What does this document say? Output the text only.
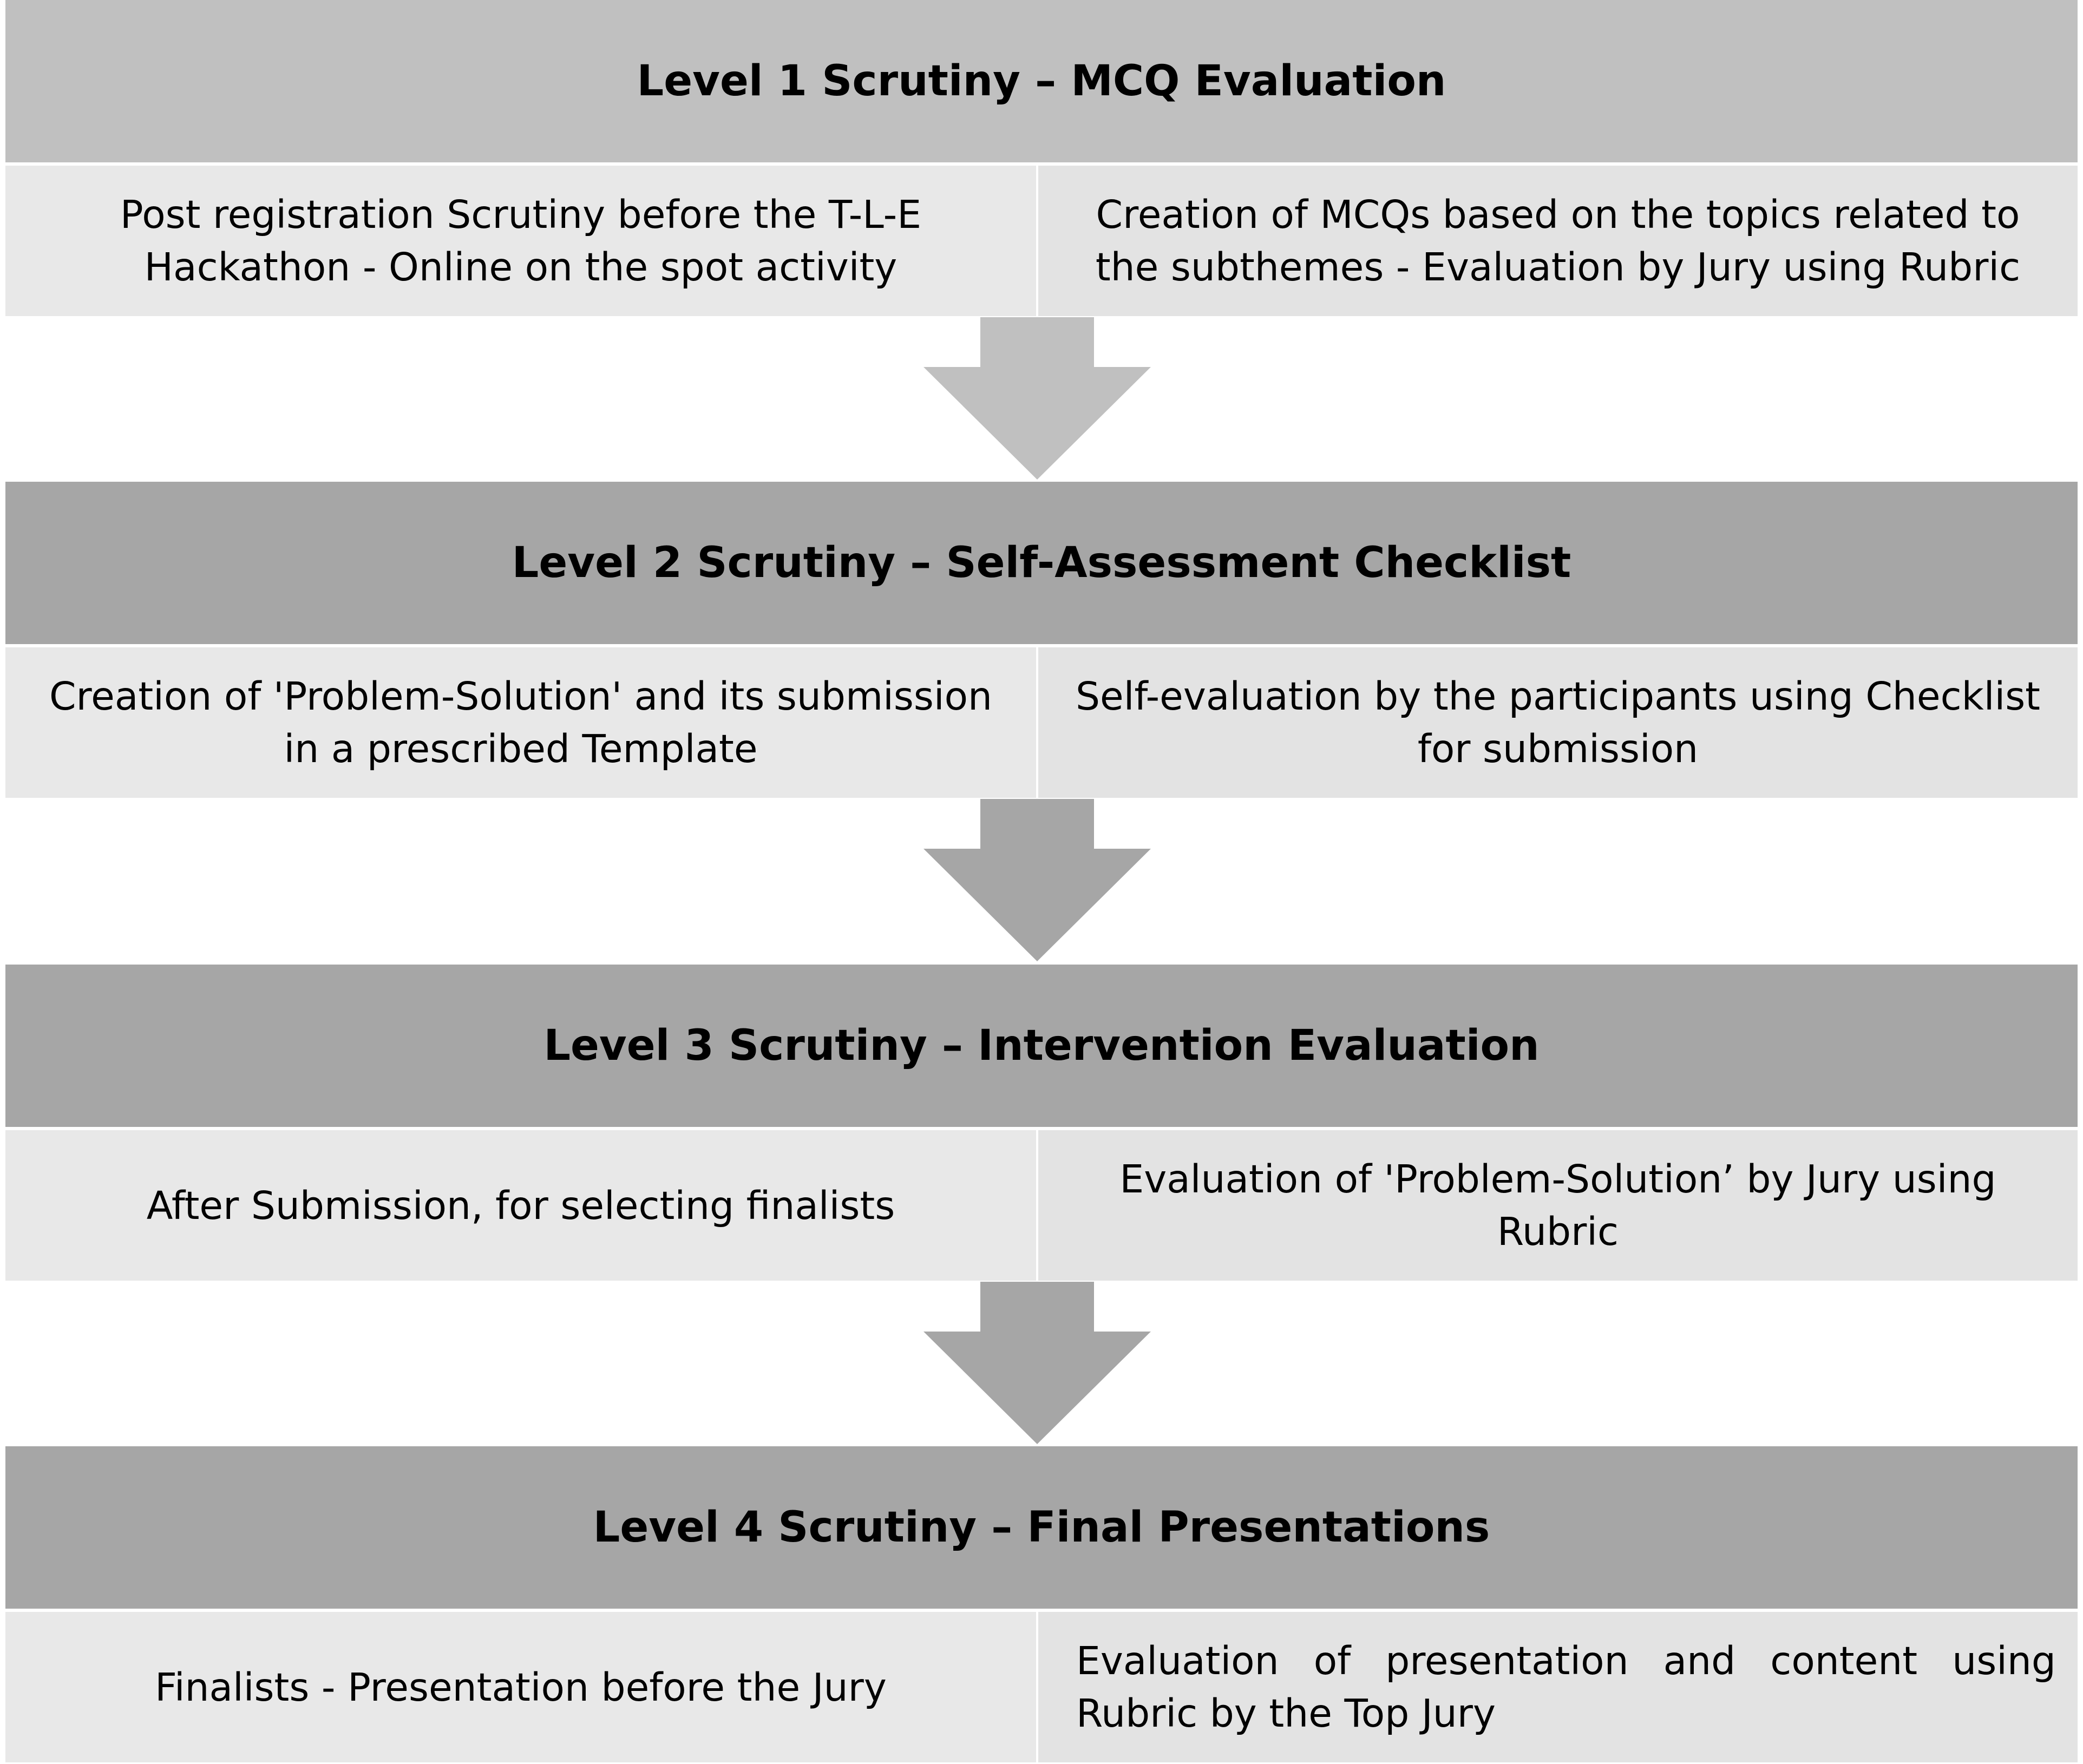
Level 1 Scrutiny – MCQ Evaluation
Post registration Scrutiny before the T-L-E Hackathon - Online on the spot activity
Creation of MCQs based on the topics related to the subthemes - Evaluation by Jury using Rubric
Level 2 Scrutiny – Self-Assessment Checklist
Creation of 'Problem-Solution' and its submission in a prescribed Template
Self-evaluation by the participants using Checklist for submission
Level 3 Scrutiny – Intervention Evaluation
After Submission, for selecting finalists
Evaluation of 'Problem-Solution’ by Jury using Rubric
Level 4 Scrutiny – Final Presentations
Finalists - Presentation before the Jury
Evaluation of presentation and content using Rubric by the Top Jury
